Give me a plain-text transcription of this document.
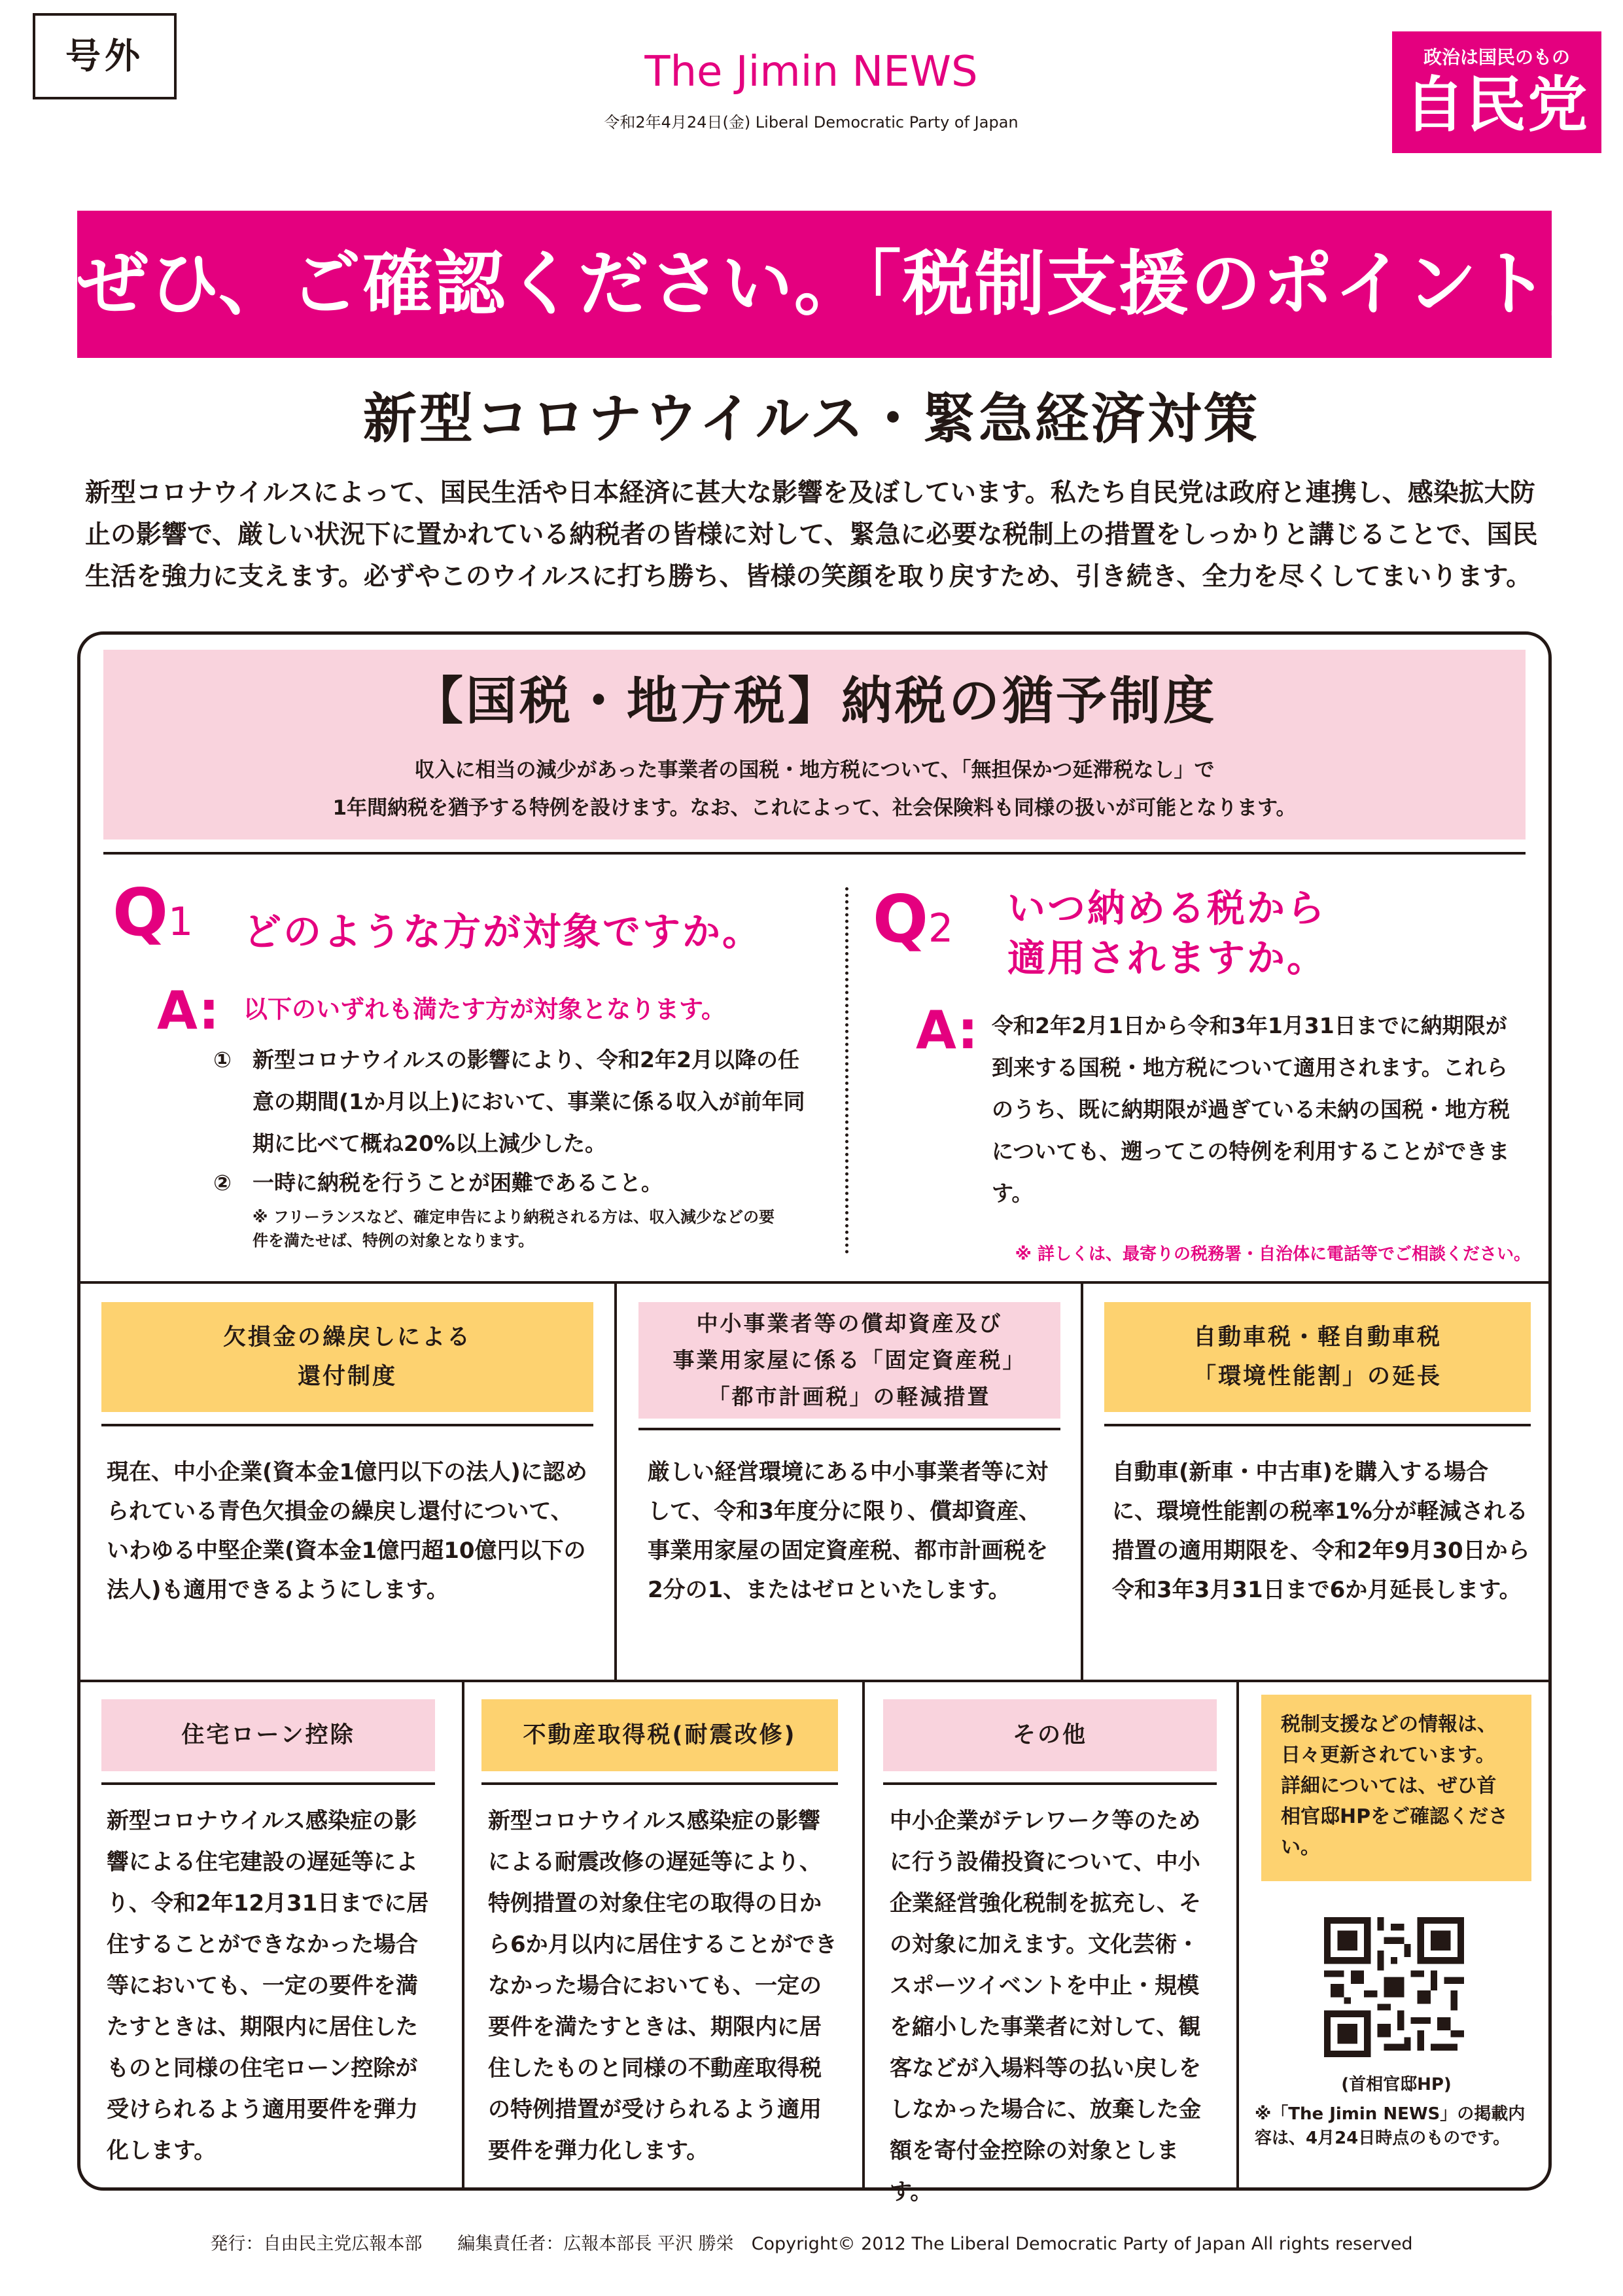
号外	The Jimin NEWS
令和2年4月24日(金) Liberal Democratic Party of Japan
政治は国民のもの
自民党
ぜひ、ご確認ください。「税制支援のポイント」
新型コロナウイルス・緊急経済対策
新型コロナウイルスによって、国民生活や日本経済に甚大な影響を及ぼしています。私たち自民党は政府と連携し、感染拡大防止の影響で、厳しい状況下に置かれている納税者の皆様に対して、緊急に必要な税制上の措置をしっかりと講じることで、国民生活を強力に支えます。必ずやこのウイルスに打ち勝ち、皆様の笑顔を取り戻すため、引き続き、全力を尽くしてまいります。
【国税・地方税】納税の猶予制度
収入に相当の減少があった事業者の国税・地方税について、「無担保かつ延滞税なし」で
1年間納税を猶予する特例を設けます。なお、これによって、社会保険料も同様の扱いが可能となります。
Q1 どのような方が対象ですか。
A: 以下のいずれも満たす方が対象となります。
① 新型コロナウイルスの影響により、令和2年2月以降の任意の期間(1か月以上)において、事業に係る収入が前年同期に比べて概ね20%以上減少した。
② 一時に納税を行うことが困難であること。
※ フリーランスなど、確定申告により納税される方は、収入減少などの要件を満たせば、特例の対象となります。
Q2 いつ納める税から
適用されますか。
A: 令和2年2月1日から令和3年1月31日までに納期限が到来する国税・地方税について適用されます。これらのうち、既に納期限が過ぎている未納の国税・地方税についても、遡ってこの特例を利用することができます。
※ 詳しくは、最寄りの税務署・自治体に電話等でご相談ください。
欠損金の繰戻しによる
還付制度
現在、中小企業(資本金1億円以下の法人)に認められている青色欠損金の繰戻し還付について、いわゆる中堅企業(資本金1億円超10億円以下の法人)も適用できるようにします。
中小事業者等の償却資産及び
事業用家屋に係る「固定資産税」
「都市計画税」の軽減措置
厳しい経営環境にある中小事業者等に対して、令和3年度分に限り、償却資産、事業用家屋の固定資産税、都市計画税を2分の1、またはゼロといたします。
自動車税・軽自動車税
「環境性能割」の延長
自動車(新車・中古車)を購入する場合に、環境性能割の税率1%分が軽減される措置の適用期限を、令和2年9月30日から令和3年3月31日まで6か月延長します。
住宅ローン控除
新型コロナウイルス感染症の影響による住宅建設の遅延等により、令和2年12月31日までに居住することができなかった場合等においても、一定の要件を満たすときは、期限内に居住したものと同様の住宅ローン控除が受けられるよう適用要件を弾力化します。
不動産取得税(耐震改修)
新型コロナウイルス感染症の影響による耐震改修の遅延等により、特例措置の対象住宅の取得の日から6か月以内に居住することができなかった場合においても、一定の要件を満たすときは、期限内に居住したものと同様の不動産取得税の特例措置が受けられるよう適用要件を弾力化します。
その他
中小企業がテレワーク等のために行う設備投資について、中小企業経営強化税制を拡充し、その対象に加えます。文化芸術・スポーツイベントを中止・規模を縮小した事業者に対して、観客などが入場料等の払い戻しをしなかった場合に、放棄した金額を寄付金控除の対象とします。
税制支援などの情報は、日々更新されています。詳細については、ぜひ首相官邸HPをご確認ください。
(首相官邸HP)
※「The Jimin NEWS」の掲載内容は、4月24日時点のものです。
発行：自由民主党広報本部　　編集責任者：広報本部長 平沢 勝栄　Copyright© 2012 The Liberal Democratic Party of Japan All rights reserved
